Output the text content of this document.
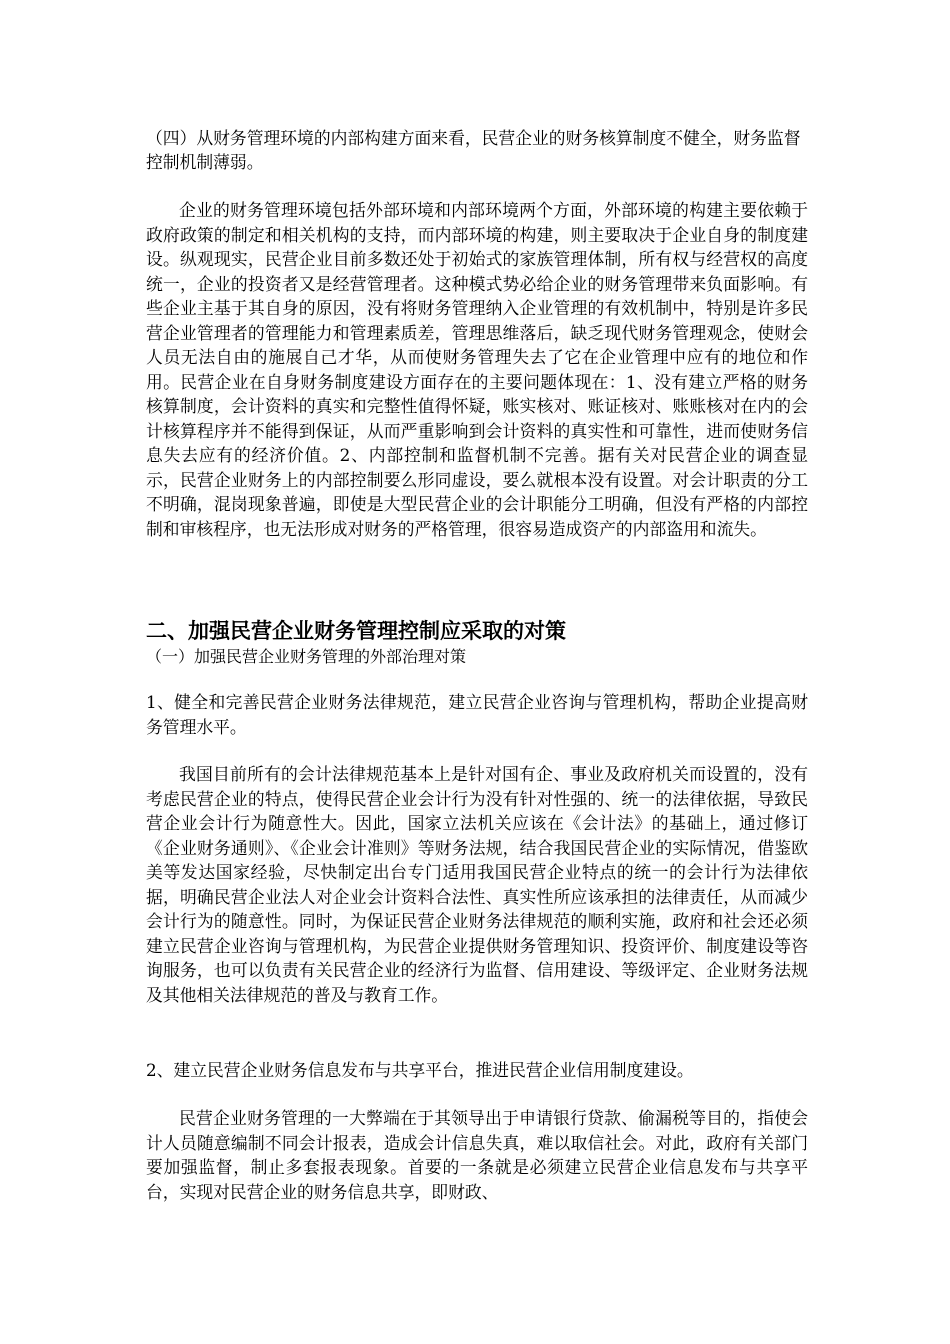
（四）从财务管理环境的内部构建方面来看，民营企业的财务核算制度不健全，财务监督控制机制薄弱。

企业的财务管理环境包括外部环境和内部环境两个方面，外部环境的构建主要依赖于政府政策的制定和相关机构的支持，而内部环境的构建，则主要取决于企业自身的制度建设。纵观现实，民营企业目前多数还处于初始式的家族管理体制，所有权与经营权的高度统一，企业的投资者又是经营管理者。这种模式势必给企业的财务管理带来负面影响。有些企业主基于其自身的原因，没有将财务管理纳入企业管理的有效机制中，特别是许多民营企业管理者的管理能力和管理素质差，管理思维落后，缺乏现代财务管理观念，使财会人员无法自由的施展自己才华，从而使财务管理失去了它在企业管理中应有的地位和作用。民营企业在自身财务制度建设方面存在的主要问题体现在：1、没有建立严格的财务核算制度，会计资料的真实和完整性值得怀疑，账实核对、账证核对、账账核对在内的会计核算程序并不能得到保证，从而严重影响到会计资料的真实性和可靠性，进而使财务信息失去应有的经济价值。2、内部控制和监督机制不完善。据有关对民营企业的调查显示，民营企业财务上的内部控制要么形同虚设，要么就根本没有设置。对会计职责的分工不明确，混岗现象普遍，即使是大型民营企业的会计职能分工明确，但没有严格的内部控制和审核程序，也无法形成对财务的严格管理，很容易造成资产的内部盗用和流失。

二、加强民营企业财务管理控制应采取的对策

（一）加强民营企业财务管理的外部治理对策

1、健全和完善民营企业财务法律规范，建立民营企业咨询与管理机构，帮助企业提高财务管理水平。

我国目前所有的会计法律规范基本上是针对国有企、事业及政府机关而设置的，没有考虑民营企业的特点，使得民营企业会计行为没有针对性强的、统一的法律依据，导致民营企业会计行为随意性大。因此，国家立法机关应该在《会计法》的基础上，通过修订《企业财务通则》、《企业会计准则》等财务法规，结合我国民营企业的实际情况，借鉴欧美等发达国家经验，尽快制定出台专门适用我国民营企业特点的统一的会计行为法律依据，明确民营企业法人对企业会计资料合法性、真实性所应该承担的法律责任，从而减少会计行为的随意性。同时，为保证民营企业财务法律规范的顺利实施，政府和社会还必须建立民营企业咨询与管理机构，为民营企业提供财务管理知识、投资评价、制度建设等咨询服务，也可以负责有关民营企业的经济行为监督、信用建设、等级评定、企业财务法规及其他相关法律规范的普及与教育工作。

2、建立民营企业财务信息发布与共享平台，推进民营企业信用制度建设。

民营企业财务管理的一大弊端在于其领导出于申请银行贷款、偷漏税等目的，指使会计人员随意编制不同会计报表，造成会计信息失真，难以取信社会。对此，政府有关部门要加强监督，制止多套报表现象。首要的一条就是必须建立民营企业信息发布与共享平台，实现对民营企业的财务信息共享，即财政、
